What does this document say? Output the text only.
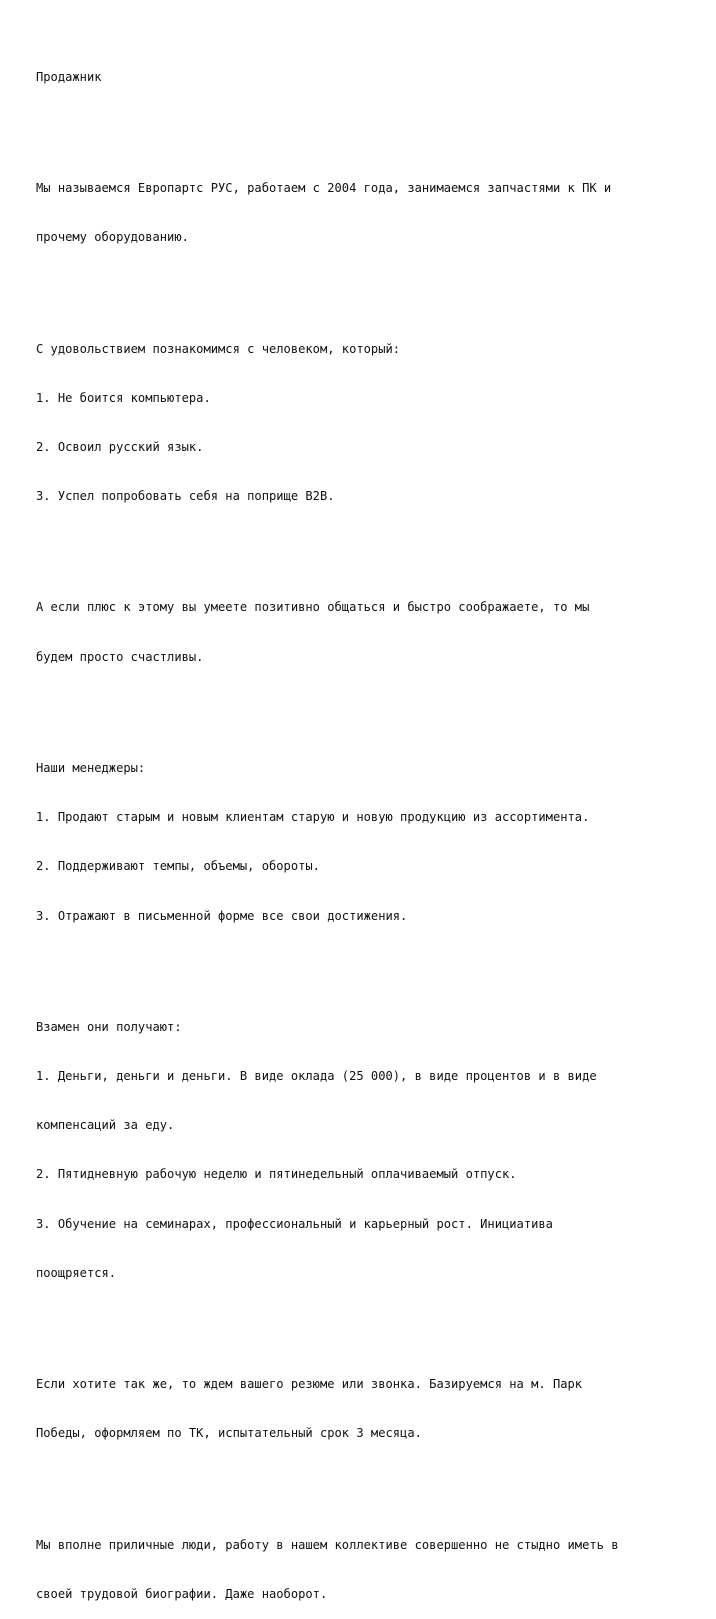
Продажник

Мы называемся Европартс РУС, работаем с 2004 года, занимаемся запчастями к ПК и

прочему оборудованию.

С удовольствием познакомимся с человеком, который:

1. Не боится компьютера.

2. Освоил русский язык.

3. Успел попробовать себя на поприще B2B.

А если плюс к этому вы умеете позитивно общаться и быстро соображаете, то мы

будем просто счастливы.

Наши менеджеры:

1. Продают старым и новым клиентам старую и новую продукцию из ассортимента.

2. Поддерживают темпы, объемы, обороты.

3. Отражают в письменной форме все свои достижения.

Взамен они получают:

1. Деньги, деньги и деньги. В виде оклада (25 000), в виде процентов и в виде

компенсаций за еду.

2. Пятидневную рабочую неделю и пятинедельный оплачиваемый отпуск.

3. Обучение на семинарах, профессиональный и карьерный рост. Инициатива

поощряется.

Если хотите так же, то ждем вашего резюме или звонка. Базируемся на м. Парк

Победы, оформляем по ТК, испытательный срок 3 месяца.

Мы вполне приличные люди, работу в нашем коллективе совершенно не стыдно иметь в

своей трудовой биографии. Даже наоборот.
